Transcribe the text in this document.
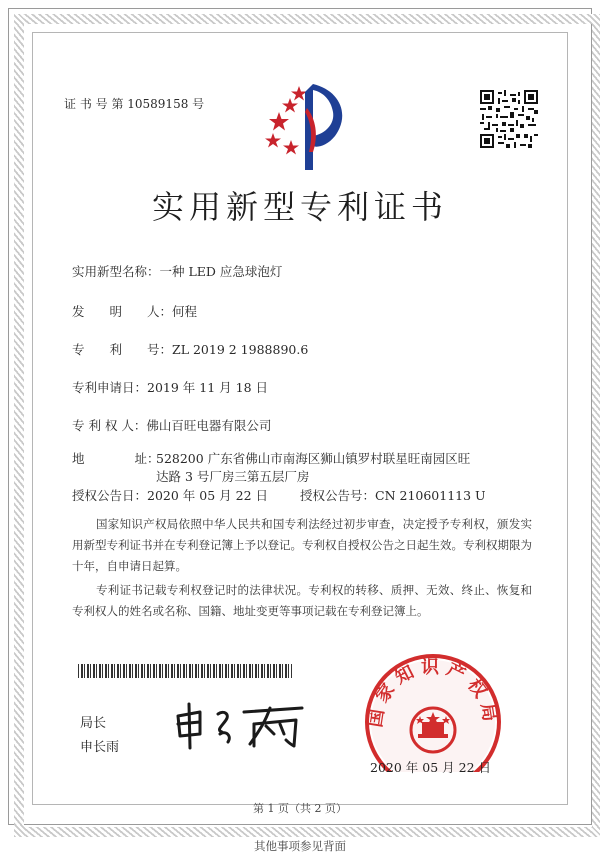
证 书 号 第 10589158 号
实用新型专利证书
实用新型名称：一种 LED 应急球泡灯
发　　明　　人：何程
专　　利　　号：ZL 2019 2 1988890.6
专利申请日：2019 年 11 月 18 日
专 利 权 人：佛山百旺电器有限公司
地　　　　址：
528200 广东省佛山市南海区狮山镇罗村联星旺南园区旺
达路 3 号厂房三第五层厂房
授权公告日：2020 年 05 月 22 日	授权公告号：CN 210601113 U
国家知识产权局依照中华人民共和国专利法经过初步审查，决定授予专利权，颁发实用新型专利证书并在专利登记簿上予以登记。专利权自授权公告之日起生效。专利权期限为十年，自申请日起算。
专利证书记载专利权登记时的法律状况。专利权的转移、质押、无效、终止、恢复和专利权人的姓名或名称、国籍、地址变更等事项记载在专利登记簿上。
局长
申长雨
国家知识产权局
2020 年 05 月 22 日
第 1 页（共 2 页）
其他事项参见背面
